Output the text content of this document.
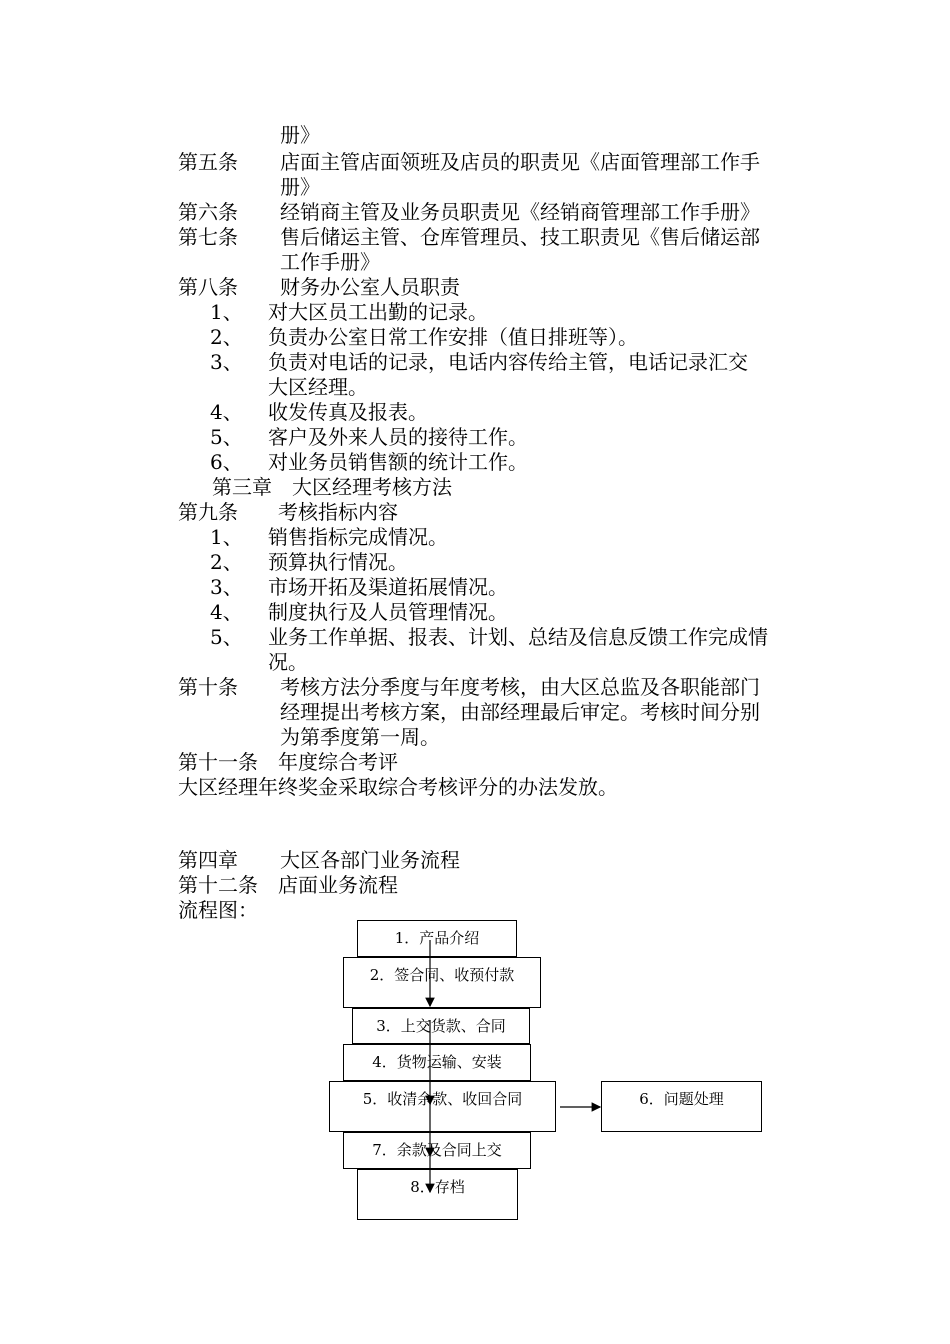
册》
第五条 店面主管店面领班及店员的职责见《店面管理部工作手
册》
第六条 经销商主管及业务员职责见《经销商管理部工作手册》
第七条 售后储运主管、仓库管理员、技工职责见《售后储运部
工作手册》
第八条 财务办公室人员职责
1、 对大区员工出勤的记录。
2、 负责办公室日常工作安排（值日排班等）。
3、 负责对电话的记录，电话内容传给主管，电话记录汇交
大区经理。
4、 收发传真及报表。
5、 客户及外来人员的接待工作。
6、 对业务员销售额的统计工作。
第三章　大区经理考核方法
第九条 考核指标内容
1、 销售指标完成情况。
2、 预算执行情况。
3、 市场开拓及渠道拓展情况。
4、 制度执行及人员管理情况。
5、 业务工作单据、报表、计划、总结及信息反馈工作完成情
况。
第十条 考核方法分季度与年度考核，由大区总监及各职能部门
经理提出考核方案，由部经理最后审定。考核时间分别
为第季度第一周。
第十一条　年度综合考评
大区经理年终奖金采取综合考核评分的办法发放。
第四章 大区各部门业务流程
第十二条　店面业务流程
流程图：
1．产品介绍
2．签合同、收预付款
3．上交货款、合同
4．货物运输、安装
5．收清余款、收回合同	6．问题处理
7．余款及合同上交
8．存档
